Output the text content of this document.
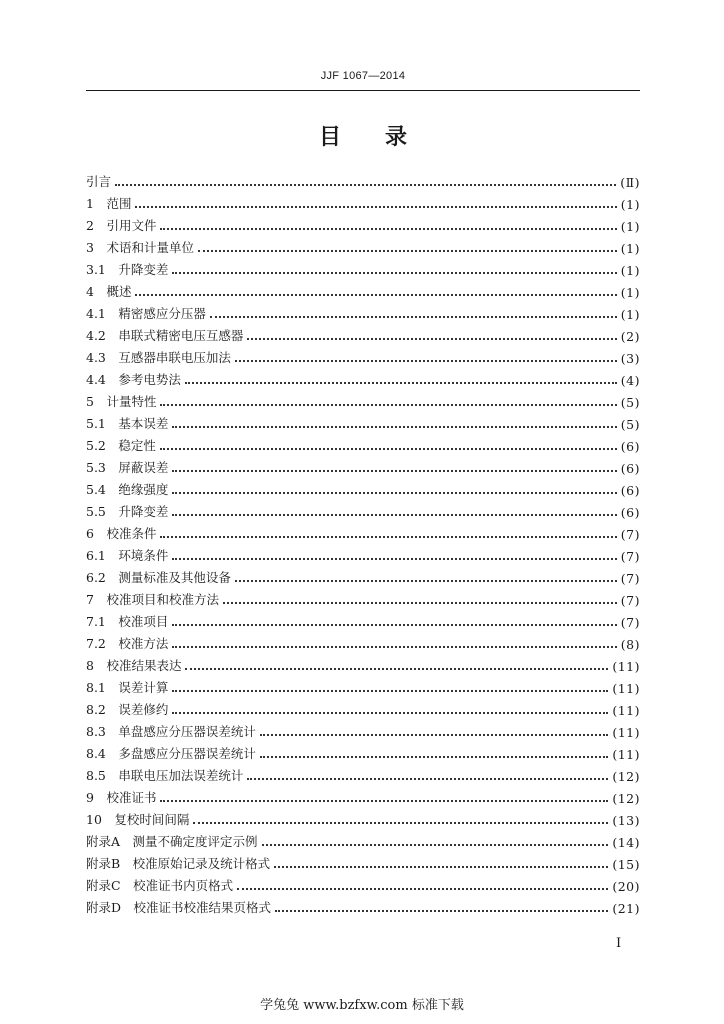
JJF 1067—2014
目录
引言	(Ⅱ)
1　范围	(1)
2　引用文件	(1)
3　术语和计量单位	(1)
3.1　升降变差	(1)
4　概述	(1)
4.1　精密感应分压器	(1)
4.2　串联式精密电压互感器	(2)
4.3　互感器串联电压加法	(3)
4.4　参考电势法	(4)
5　计量特性	(5)
5.1　基本误差	(5)
5.2　稳定性	(6)
5.3　屏蔽误差	(6)
5.4　绝缘强度	(6)
5.5　升降变差	(6)
6　校准条件	(7)
6.1　环境条件	(7)
6.2　测量标准及其他设备	(7)
7　校准项目和校准方法	(7)
7.1　校准项目	(7)
7.2　校准方法	(8)
8　校准结果表达	(11)
8.1　误差计算	(11)
8.2　误差修约	(11)
8.3　单盘感应分压器误差统计	(11)
8.4　多盘感应分压器误差统计	(11)
8.5　串联电压加法误差统计	(12)
9　校准证书	(12)
10　复校时间间隔	(13)
附录A　测量不确定度评定示例	(14)
附录B　校准原始记录及统计格式	(15)
附录C　校准证书内页格式	(20)
附录D　校准证书校准结果页格式	(21)
I
学兔兔 www.bzfxw.com 标准下载
